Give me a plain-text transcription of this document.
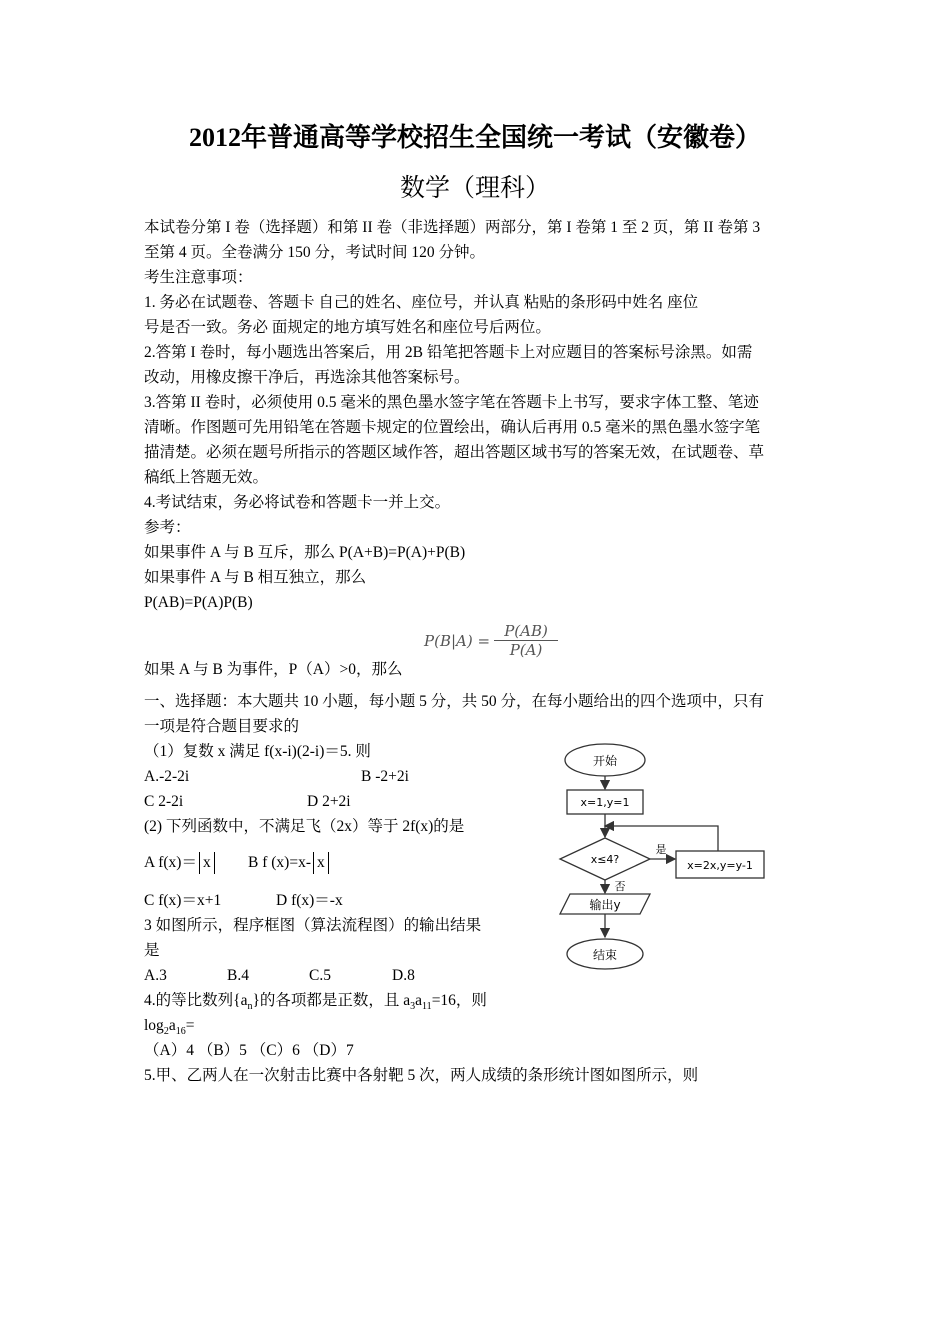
2012年普通高等学校招生全国统一考试（安徽卷）
数学（理科）
本试卷分第 I 卷（选择题）和第 II 卷（非选择题）两部分，第 I 卷第 1 至 2 页，第 II 卷第 3
至第 4 页。全卷满分 150 分，考试时间 120 分钟。
考生注意事项：
1. 务必在试题卷、答题卡 自己的姓名、座位号，并认真 粘贴的条形码中姓名 座位
号是否一致。务必 面规定的地方填写姓名和座位号后两位。
2.答第 I 卷时，每小题选出答案后，用 2B 铅笔把答题卡上对应题目的答案标号涂黑。如需
改动，用橡皮擦干净后，再选涂其他答案标号。
3.答第 II 卷时，必须使用 0.5 毫米的黑色墨水签字笔在答题卡上书写，要求字体工整、笔迹
清晰。作图题可先用铅笔在答题卡规定的位置绘出，确认后再用 0.5 毫米的黑色墨水签字笔
描清楚。必须在题号所指示的答题区域作答，超出答题区域书写的答案无效，在试题卷、草
稿纸上答题无效。
4.考试结束，务必将试卷和答题卡一并上交。
参考：
如果事件 A 与 B 互斥，那么 P(A+B)=P(A)+P(B)
如果事件 A 与 B 相互独立，那么
P(AB)=P(A)P(B)
$P(B|A) = \frac{P(AB)}{P(A)}$
如果 A 与 B 为事件，P（A）>0，那么
一、选择题：本大题共 10 小题，每小题 5 分，共 50 分，在每小题给出的四个选项中，只有
一项是符合题目要求的
（1）复数 x 满足 f(x-i)(2-i)＝5. 则
A.-2-2i	B -2+2i
C 2-2i	D 2+2i
(2) 下列函数中，不满足飞（2x）等于 2f(x)的是
A f(x)＝ x	B f (x)=x- x
C f(x)＝x+1	D f(x)＝-x
3 如图所示，程序框图（算法流程图）的输出结果
是
A.3	B.4	C.5	D.8
4.的等比数列$\{a_n\}$的各项都是正数，且 $a_3a_{11}=16$，则
$\log_2a_{16}=$
（A）4 （B）5 （C）6 （D）7
5.甲、乙两人在一次射击比赛中各射靶 5 次，两人成绩的条形统计图如图所示，则
开始
x=1,y=1
x≤4?
是
否
x=2x,y=y-1
输出y
结束
